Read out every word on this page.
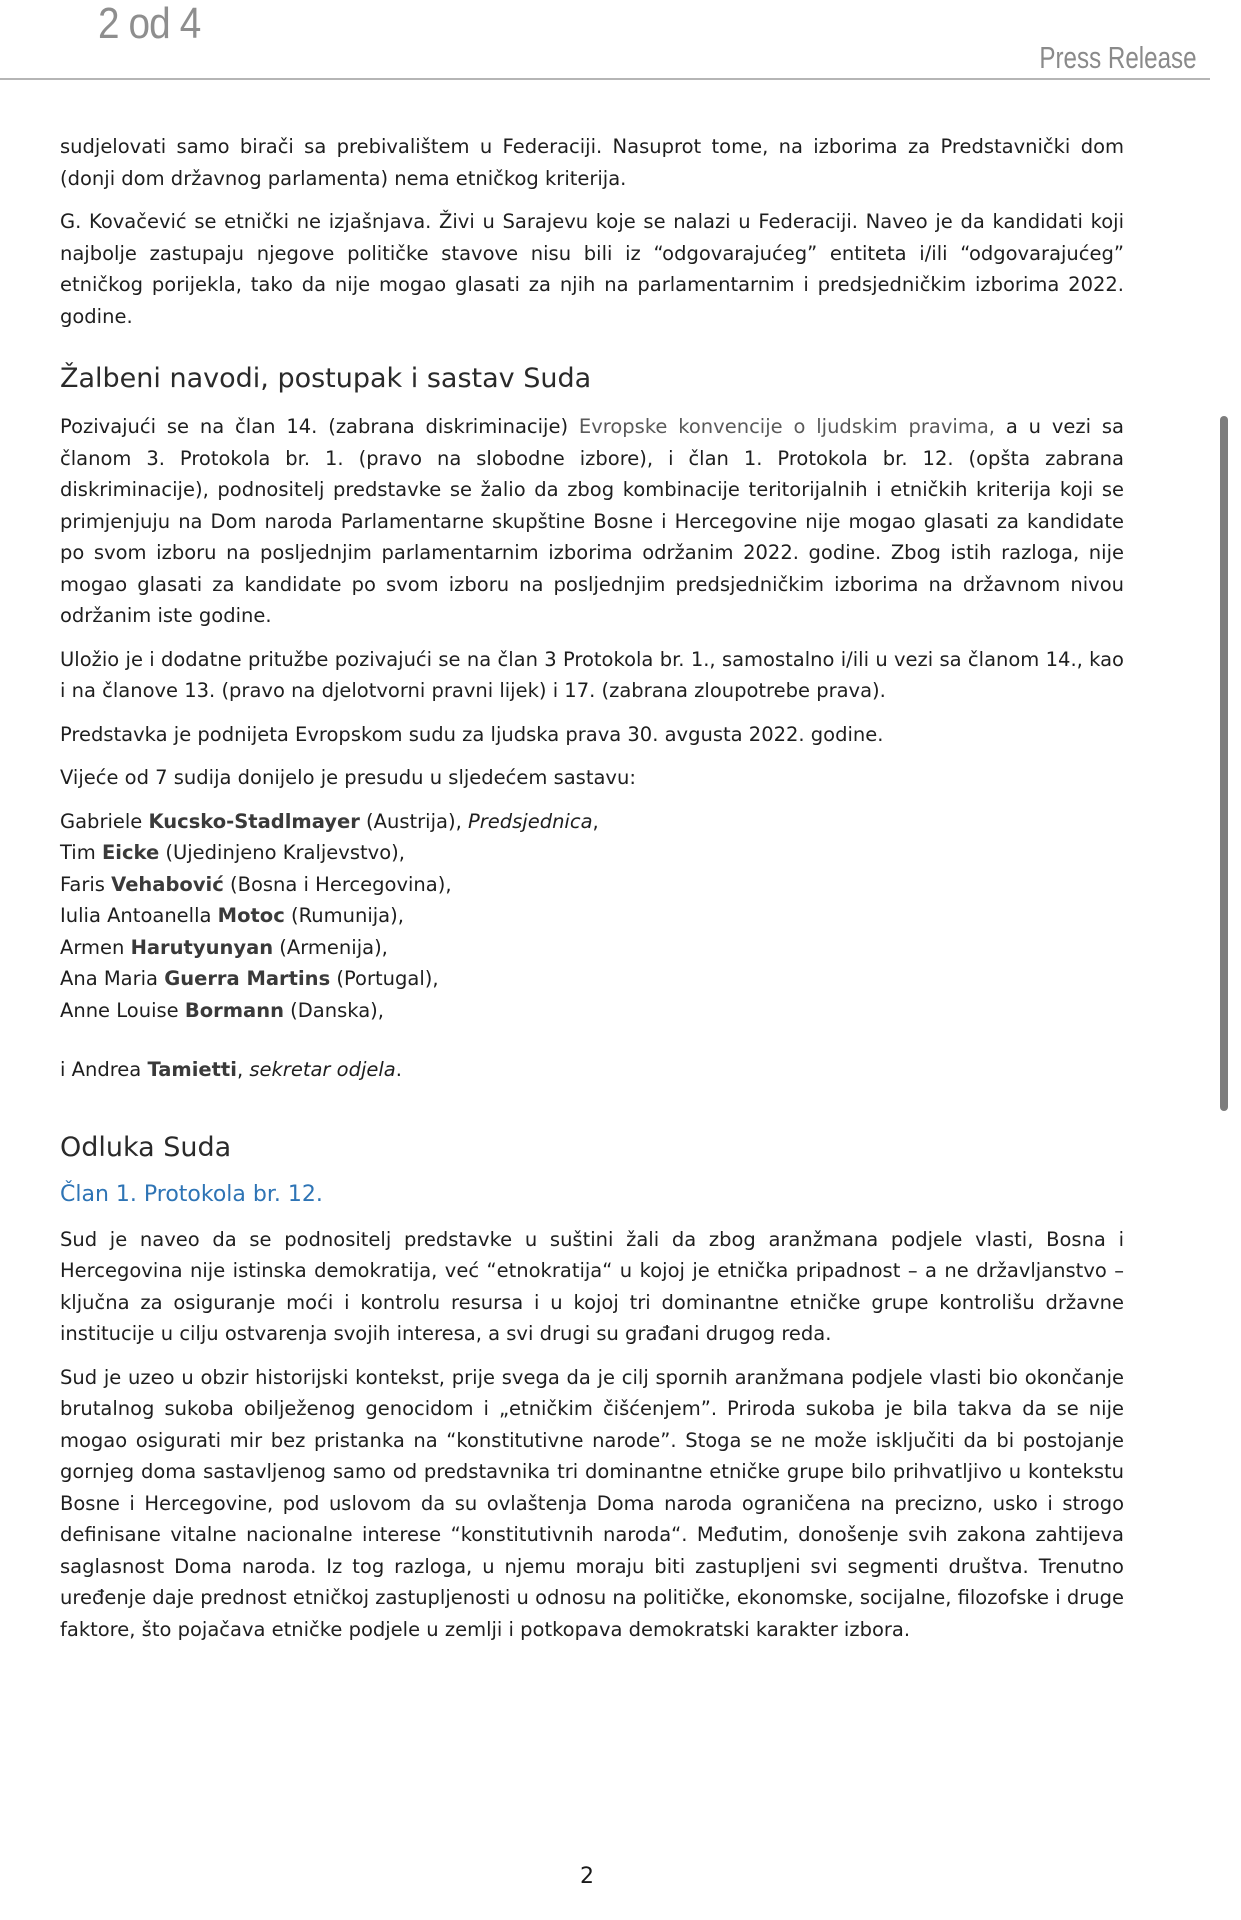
2 od 4
Press Release

sudjelovati samo birači sa prebivalištem u Federaciji. Nasuprot tome, na izborima za Predstavnički dom (donji dom državnog parlamenta) nema etničkog kriterija.

G. Kovačević se etnički ne izjašnjava. Živi u Sarajevu koje se nalazi u Federaciji. Naveo je da kandidati koji najbolje zastupaju njegove političke stavove nisu bili iz “odgovarajućeg” entiteta i/ili “odgovarajućeg” etničkog porijekla, tako da nije mogao glasati za njih na parlamentarnim i predsjedničkim izborima 2022. godine.

Žalbeni navodi, postupak i sastav Suda

Pozivajući se na član 14. (zabrana diskriminacije) Evropske konvencije o ljudskim pravima, a u vezi sa članom 3. Protokola br. 1. (pravo na slobodne izbore), i član 1. Protokola br. 12. (opšta zabrana diskriminacije), podnositelj predstavke se žalio da zbog kombinacije teritorijalnih i etničkih kriterija koji se primjenjuju na Dom naroda Parlamentarne skupštine Bosne i Hercegovine nije mogao glasati za kandidate po svom izboru na posljednjim parlamentarnim izborima održanim 2022. godine. Zbog istih razloga, nije mogao glasati za kandidate po svom izboru na posljednjim predsjedničkim izborima na državnom nivou održanim iste godine.

Uložio je i dodatne pritužbe pozivajući se na član 3 Protokola br. 1., samostalno i/ili u vezi sa članom 14., kao i na članove 13. (pravo na djelotvorni pravni lijek) i 17. (zabrana zloupotrebe prava).

Predstavka je podnijeta Evropskom sudu za ljudska prava 30. avgusta 2022. godine.

Vijeće od 7 sudija donijelo je presudu u sljedećem sastavu:

Gabriele Kucsko-Stadlmayer (Austrija), Predsjednica,
Tim Eicke (Ujedinjeno Kraljevstvo),
Faris Vehabović (Bosna i Hercegovina),
Iulia Antoanella Motoc (Rumunija),
Armen Harutyunyan (Armenija),
Ana Maria Guerra Martins (Portugal),
Anne Louise Bormann (Danska),
i Andrea Tamietti, sekretar odjela.
Odluka Suda
Član 1. Protokola br. 12.

Sud je naveo da se podnositelj predstavke u suštini žali da zbog aranžmana podjele vlasti, Bosna i Hercegovina nije istinska demokratija, već “etnokratija“ u kojoj je etnička pripadnost – a ne državljanstvo – ključna za osiguranje moći i kontrolu resursa i u kojoj tri dominantne etničke grupe kontrolišu državne institucije u cilju ostvarenja svojih interesa, a svi drugi su građani drugog reda.

Sud je uzeo u obzir historijski kontekst, prije svega da je cilj spornih aranžmana podjele vlasti bio okončanje brutalnog sukoba obilježenog genocidom i „etničkim čišćenjem”. Priroda sukoba je bila takva da se nije mogao osigurati mir bez pristanka na “konstitutivne narode”. Stoga se ne može isključiti da bi postojanje gornjeg doma sastavljenog samo od predstavnika tri dominantne etničke grupe bilo prihvatljivo u kontekstu Bosne i Hercegovine, pod uslovom da su ovlaštenja Doma naroda ograničena na precizno, usko i strogo definisane vitalne nacionalne interese “konstitutivnih naroda“. Međutim, donošenje svih zakona zahtijeva saglasnost Doma naroda. Iz tog razloga, u njemu moraju biti zastupljeni svi segmenti društva. Trenutno uređenje daje prednost etničkoj zastupljenosti u odnosu na političke, ekonomske, socijalne, filozofske i druge faktore, što pojačava etničke podjele u zemlji i potkopava demokratski karakter izbora.

2
